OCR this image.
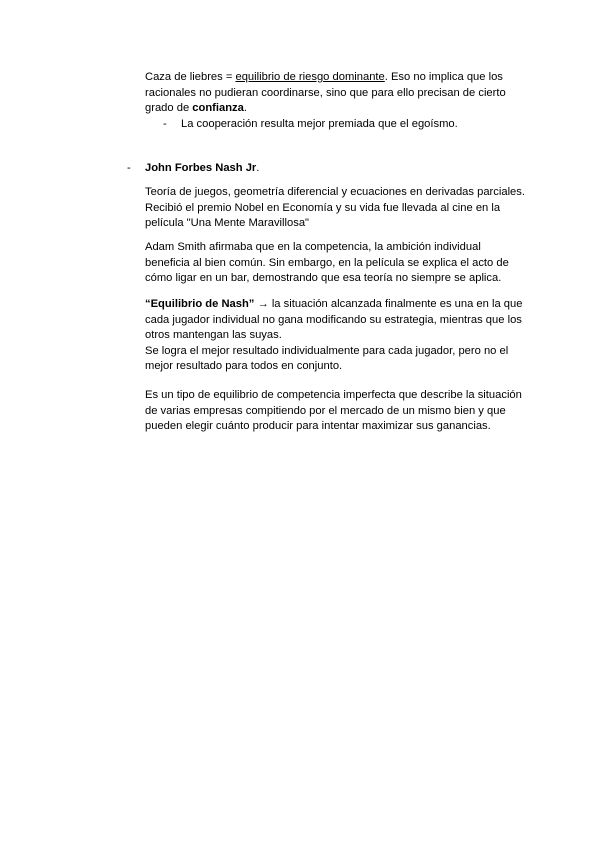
Caza de liebres = equilibrio de riesgo dominante. Eso no implica que los racionales no pudieran coordinarse, sino que para ello precisan de cierto grado de confianza.

- La cooperación resulta mejor premiada que el egoísmo.

- John Forbes Nash Jr.

Teoría de juegos, geometría diferencial y ecuaciones en derivadas parciales. Recibió el premio Nobel en Economía y su vida fue llevada al cine en la película "Una Mente Maravillosa"

Adam Smith afirmaba que en la competencia, la ambición individual beneficia al bien común. Sin embargo, en la película se explica el acto de cómo ligar en un bar, demostrando que esa teoría no siempre se aplica.

“Equilibrio de Nash” → la situación alcanzada finalmente es una en la que cada jugador individual no gana modificando su estrategia, mientras que los otros mantengan las suyas.
Se logra el mejor resultado individualmente para cada jugador, pero no el mejor resultado para todos en conjunto.

Es un tipo de equilibrio de competencia imperfecta que describe la situación de varias empresas compitiendo por el mercado de un mismo bien y que pueden elegir cuánto producir para intentar maximizar sus ganancias.
